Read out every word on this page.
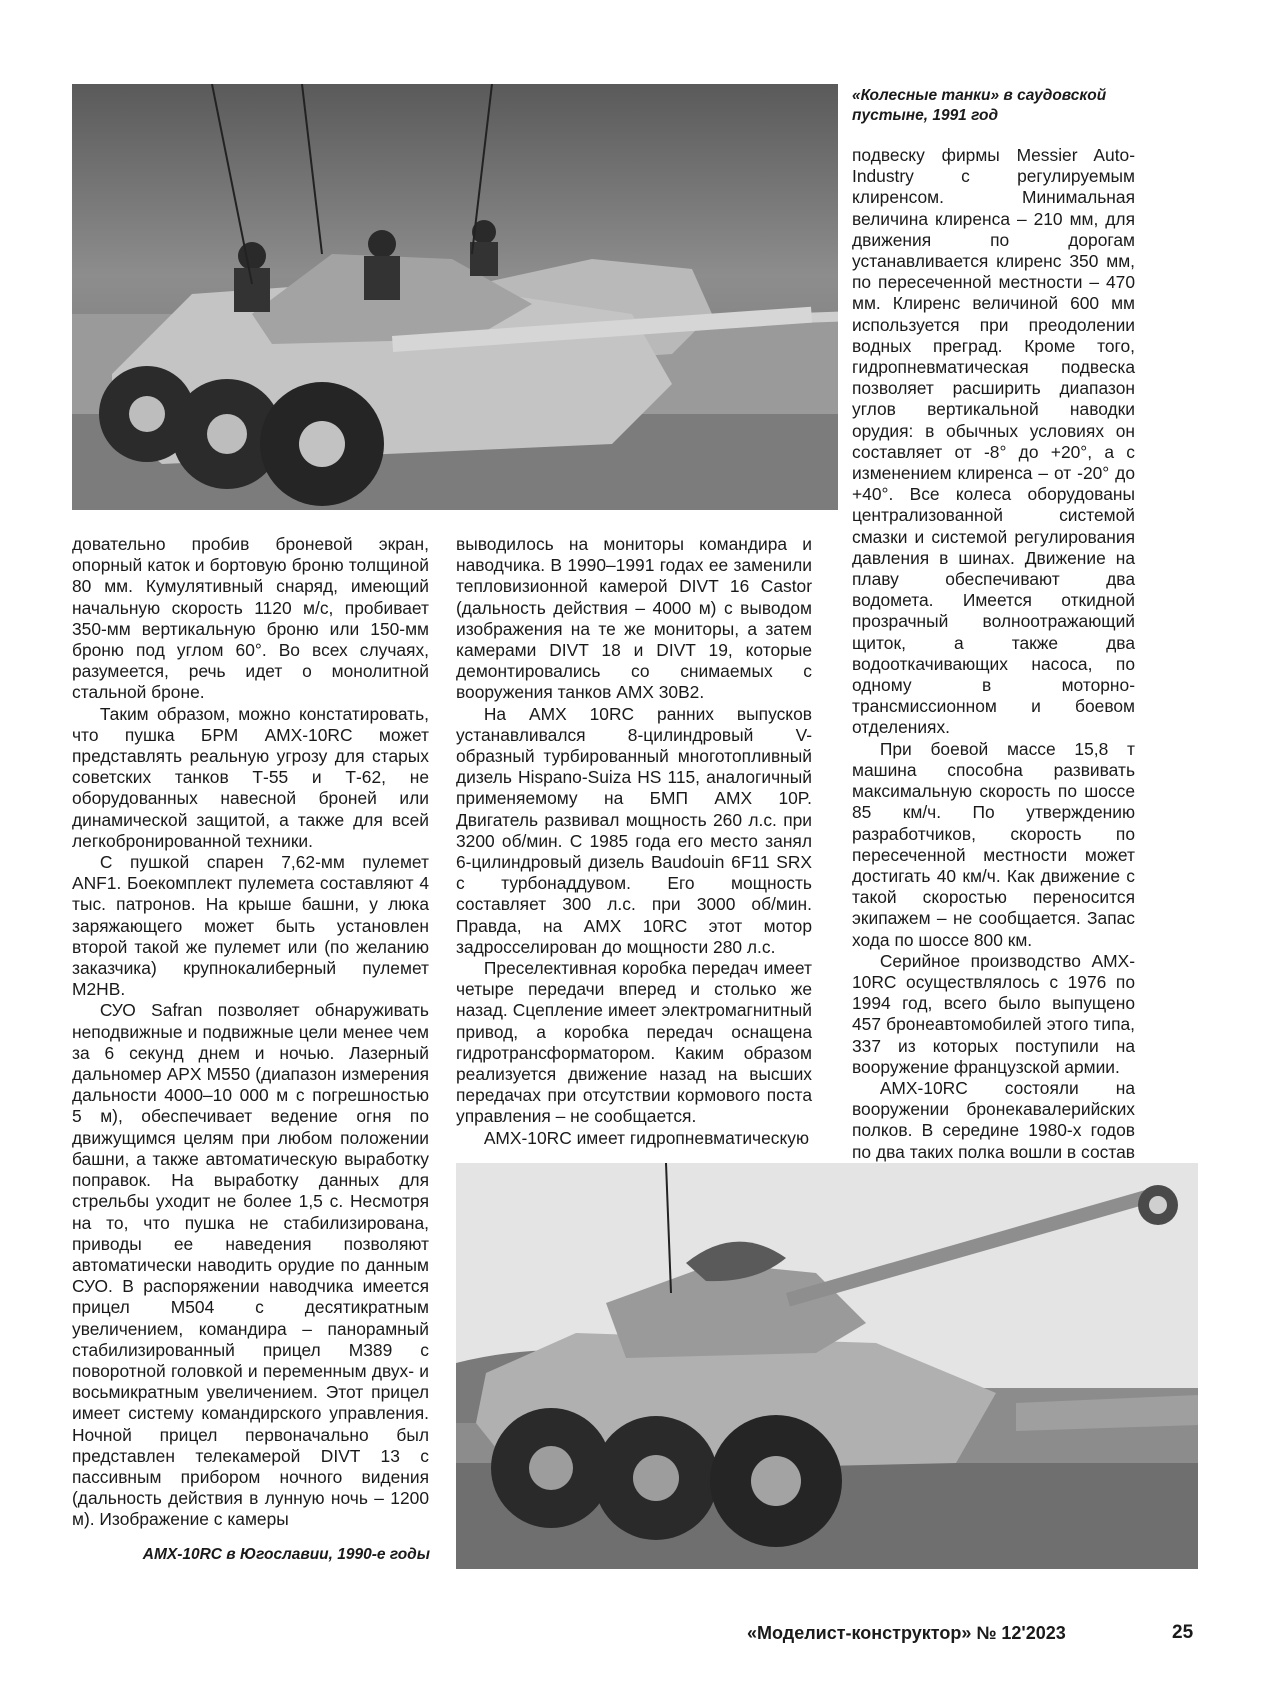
«Колесные танки» в саудовской пустыне, 1991 год

подвеску фирмы Messier Auto-Industry с регулируемым клиренсом. Минимальная величина клиренса – 210 мм, для движения по дорогам устанавливается клиренс 350 мм, по пересеченной местности – 470 мм. Клиренс величиной 600 мм используется при преодолении водных преград. Кроме того, гидропневматическая подвеска позволяет расширить диапазон углов вертикальной наводки орудия: в обычных условиях он составляет от -8° до +20°, а с изменением клиренса – от -20° до +40°. Все колеса оборудованы централизованной системой смазки и системой регулирования давления в шинах. Движение на плаву обеспечивают два водомета. Имеется откидной прозрачный волноотражающий щиток, а также два водооткачивающих насоса, по одному в моторно-трансмиссионном и боевом отделениях.

При боевой массе 15,8 т машина способна развивать максимальную скорость по шоссе 85 км/ч. По утверждению разработчиков, скорость по пересеченной местности может достигать 40 км/ч. Как движение с такой скоростью переносится экипажем – не сообщается. Запас хода по шоссе 800 км.

Серийное производство AMX-10RC осуществлялось с 1976 по 1994 год, всего было выпущено 457 бронеавтомобилей этого типа, 337 из которых поступили на вооружение французской армии.

AMX-10RC состояли на вооружении бронекавалерийских полков. В середине 1980-х годов по два таких полка вошли в состав

довательно пробив броневой экран, опорный каток и бортовую броню толщиной 80 мм. Кумулятивный снаряд, имеющий начальную скорость 1120 м/с, пробивает 350-мм вертикальную броню или 150-мм броню под углом 60°. Во всех случаях, разумеется, речь идет о монолитной стальной броне.

Таким образом, можно констатировать, что пушка БРМ AMX-10RC может представлять реальную угрозу для старых советских танков Т-55 и Т-62, не оборудованных навесной броней или динамической защитой, а также для всей легкобронированной техники.

С пушкой спарен 7,62-мм пулемет ANF1. Боекомплект пулемета составляют 4 тыс. патронов. На крыше башни, у люка заряжающего может быть установлен второй такой же пулемет или (по желанию заказчика) крупнокалиберный пулемет M2HB.

СУО Safran позволяет обнаруживать неподвижные и подвижные цели менее чем за 6 секунд днем и ночью. Лазерный дальномер APX M550 (диапазон измерения дальности 4000–10 000 м с погрешностью 5 м), обеспечивает ведение огня по движущимся целям при любом положении башни, а также автоматическую выработку поправок. На выработку данных для стрельбы уходит не более 1,5 с. Несмотря на то, что пушка не стабилизирована, приводы ее наведения позволяют автоматически наводить орудие по данным СУО. В распоряжении наводчика имеется прицел M504 с десятикратным увеличением, командира – панорамный стабилизированный прицел M389 с поворотной головкой и переменным двух- и восьмикратным увеличением. Этот прицел имеет систему командирского управления. Ночной прицел первоначально был представлен телекамерой DIVT 13 с пассивным прибором ночного видения (дальность действия в лунную ночь – 1200 м). Изображение с камеры

выводилось на мониторы командира и наводчика. В 1990–1991 годах ее заменили тепловизионной камерой DIVT 16 Castor (дальность действия – 4000 м) с выводом изображения на те же мониторы, а затем камерами DIVT 18 и DIVT 19, которые демонтировались со снимаемых с вооружения танков AMX 30B2.

На AMX 10RC ранних выпусков устанавливался 8-цилиндровый V-образный турбированный многотопливный дизель Hispano-Suiza HS 115, аналогичный применяемому на БМП AMX 10P. Двигатель развивал мощность 260 л.с. при 3200 об/мин. С 1985 года его место занял 6-цилиндровый дизель Baudouin 6F11 SRX с турбонаддувом. Его мощность составляет 300 л.с. при 3000 об/мин. Правда, на AMX 10RC этот мотор задросселирован до мощности 280 л.с.

Преселективная коробка передач имеет четыре передачи вперед и столько же назад. Сцепление имеет электромагнитный привод, а коробка передач оснащена гидротрансформатором. Каким образом реализуется движение назад на высших передачах при отсутствии кормового поста управления – не сообщается.

AMX-10RC имеет гидропневматическую

AMX-10RC в Югославии, 1990-е годы
«Моделист-конструктор» № 12'2023	25
